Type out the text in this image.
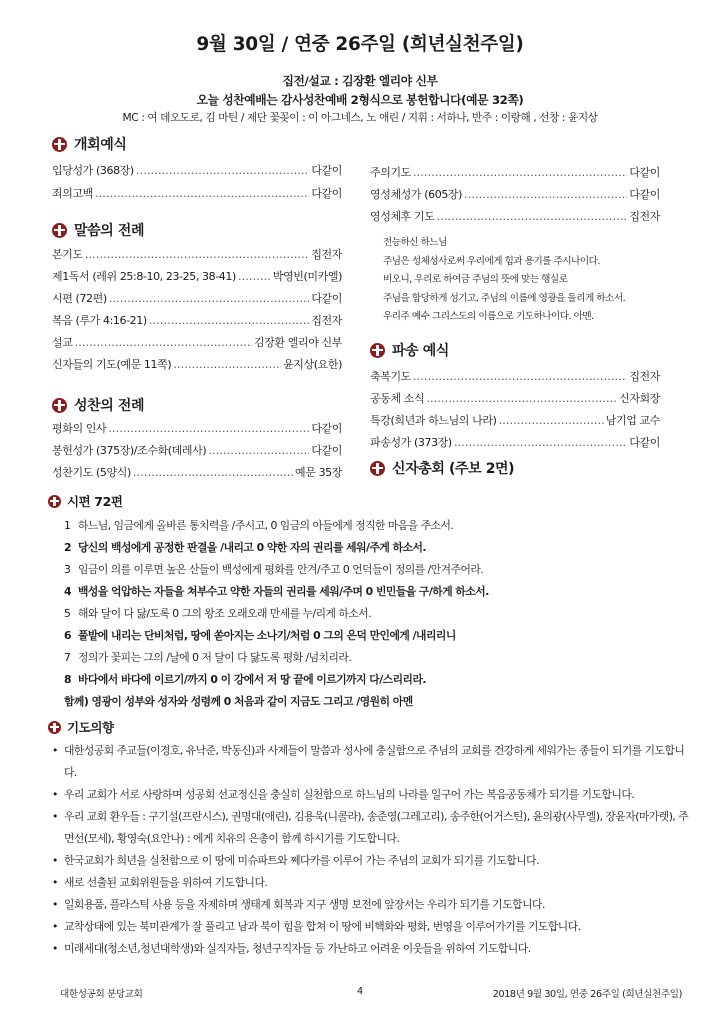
9월 30일 / 연중 26주일 (희년실천주일)
집전/설교 : 김장환 엘리야 신부
오늘 성찬예배는 감사성찬예배 2형식으로 봉헌합니다(예문 32쪽)
MC : 여 데오도로, 김 마틴 / 제단 꽃꽂이 : 이 아그네스, 노 애린 / 지휘 : 서하나, 반주 : 이랑해 , 선창 : 윤지상
개회예식
입당성가 (368장) ……………………………………………………………………………………………………………………………………………………	다같이
죄의고백 ……………………………………………………………………………………………………………………………………………………	다같이
말씀의 전례
본기도 ……………………………………………………………………………………………………………………………………………………	집전자
제1독서 (레위 25:8-10, 23-25, 38-41) ……………………………………………………………………………………………………………………………………………………	박영빈(미카엘)
시편 (72편) ……………………………………………………………………………………………………………………………………………………	다같이
복음 (루가 4:16-21) ……………………………………………………………………………………………………………………………………………………	집전자
설교 ……………………………………………………………………………………………………………………………………………………	김장환 엘리야 신부
신자들의 기도(예문 11쪽) ……………………………………………………………………………………………………………………………………………………	윤지상(요한)
성찬의 전례
평화의 인사 ……………………………………………………………………………………………………………………………………………………	다같이
봉헌성가 (375장)/조수화(데레사) ……………………………………………………………………………………………………………………………………………………	다같이
성찬기도 (5양식) ……………………………………………………………………………………………………………………………………………………	예문 35장
주의기도 ……………………………………………………………………………………………………………………………………………………	다같이
영성체성가 (605장) ……………………………………………………………………………………………………………………………………………………	다같이
영성체후 기도 ……………………………………………………………………………………………………………………………………………………	집전자
전능하신 하느님
주님은 성체성사로써 우리에게 힘과 용기를 주시나이다.
비오니, 우리로 하여금 주님의 뜻에 맞는 행실로
주님을 합당하게 섬기고, 주님의 이름에 영광을 돌리게 하소서.
우리주 예수 그리스도의 이름으로 기도하나이다. 아멘.
파송 예식
축복기도 ……………………………………………………………………………………………………………………………………………………	집전자
공동체 소식 ……………………………………………………………………………………………………………………………………………………	신자회장
특강(희년과 하느님의 나라) ……………………………………………………………………………………………………………………………………………………	남기업 교수
파송성가 (373장) ……………………………………………………………………………………………………………………………………………………	다같이
신자총회 (주보 2면)
시편 72편
1 하느님, 임금에게 올바른 통치력을 /주시고, 0 임금의 아들에게 정직한 마음을 주소서.
2 당신의 백성에게 공정한 판결을 /내리고 0 약한 자의 권리를 세워/주게 하소서.
3 임금이 의를 이루면 높은 산들이 백성에게 평화를 안겨/주고 0 언덕들이 정의를 /안겨주어라.
4 백성을 억압하는 자들을 쳐부수고 약한 자들의 권리를 세워/주며 0 빈민들을 구/하게 하소서.
5 해와 달이 다 닳/도록 0 그의 왕조 오래오래 만세를 누/리게 하소서.
6 풀밭에 내리는 단비처럼, 땅에 쏟아지는 소나기/처럼 0 그의 은덕 만인에게 /내리리니
7 정의가 꽃피는 그의 /날에 0 저 달이 다 닳도록 평화 /넘치리라.
8 바다에서 바다에 이르기/까지 0 이 강에서 저 땅 끝에 이르기까지 다/스리리라.
함께) 영광이 성부와 성자와 성령께 0 처음과 같이 지금도 그리고 /영원히 아멘
기도의향
• 대한성공회 주교들(이경호, 유낙준, 박동신)과 사제들이 말씀과 성사에 충실함으로 주님의 교회를 건강하게 세워가는 종들이 되기를 기도합니다.
• 우리 교회가 서로 사랑하며 성공회 선교정신을 충실히 실천함으로 하느님의 나라를 일구어 가는 복음공동체가 되기를 기도합니다.
• 우리 교회 환우들 : 구기설(프란시스), 권명대(애린), 김용욱(니콜라), 송준영(그레고리), 송주한(어거스틴), 윤의광(사무엘), 장윤자(마가렛), 주면선(모세), 황영숙(요안나) : 에게 치유의 은총이 함께 하시기를 기도합니다.
• 한국교회가 희년을 실천함으로 이 땅에 미슈파트와 쩨다카를 이루어 가는 주님의 교회가 되기를 기도합니다.
• 새로 선출된 교회위원들을 위하여 기도합니다.
• 일회용품, 플라스틱 사용 등을 자제하며 생태계 회복과 지구 생명 보전에 앞장서는 우리가 되기를 기도합니다.
• 교착상태에 있는 북미관계가 잘 풀리고 남과 북이 힘을 합쳐 이 땅에 비핵화와 평화, 번영을 이루어가기를 기도합니다.
• 미래세대(청소년,청년대학생)와 실직자들, 청년구직자들 등 가난하고 어려운 이웃들을 위하여 기도합니다.
대한성공회 분당교회	4	2018년 9월 30일, 연중 26주일 (희년실천주일)
